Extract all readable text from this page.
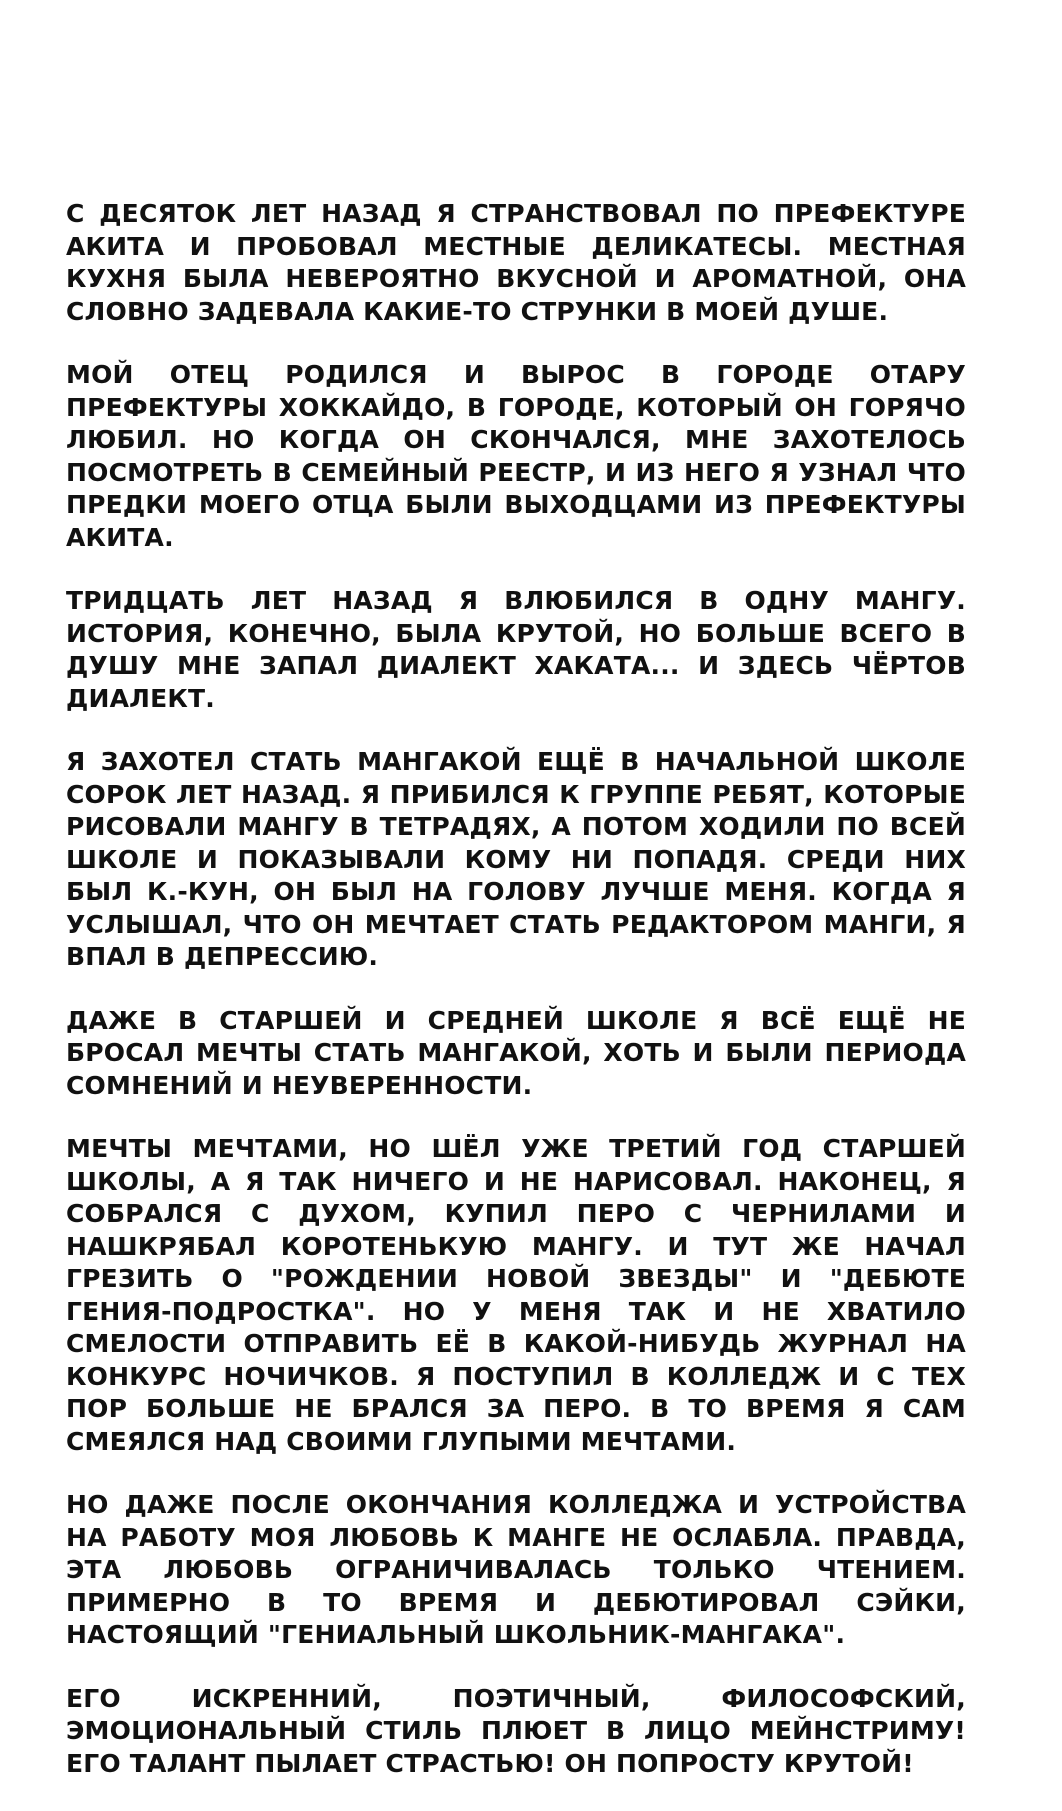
С ДЕСЯТОК ЛЕТ НАЗАД Я СТРАНСТВОВАЛ ПО ПРЕФЕКТУРЕ АКИТА И ПРОБОВАЛ МЕСТНЫЕ ДЕЛИКАТЕСЫ. МЕСТНАЯ КУХНЯ БЫЛА НЕВЕРОЯТНО ВКУСНОЙ И АРОМАТНОЙ, ОНА СЛОВНО ЗАДЕВАЛА КАКИЕ-ТО СТРУНКИ В МОЕЙ ДУШЕ.

МОЙ ОТЕЦ РОДИЛСЯ И ВЫРОС В ГОРОДЕ ОТАРУ ПРЕФЕКТУРЫ ХОККАЙДО, В ГОРОДЕ, КОТОРЫЙ ОН ГОРЯЧО ЛЮБИЛ. НО КОГДА ОН СКОНЧАЛСЯ, МНЕ ЗАХОТЕЛОСЬ ПОСМОТРЕТЬ В СЕМЕЙНЫЙ РЕЕСТР, И ИЗ НЕГО Я УЗНАЛ ЧТО ПРЕДКИ МОЕГО ОТЦА БЫЛИ ВЫХОДЦАМИ ИЗ ПРЕФЕКТУРЫ АКИТА.

ТРИДЦАТЬ ЛЕТ НАЗАД Я ВЛЮБИЛСЯ В ОДНУ МАНГУ. ИСТОРИЯ, КОНЕЧНО, БЫЛА КРУТОЙ, НО БОЛЬШЕ ВСЕГО В ДУШУ МНЕ ЗАПАЛ ДИАЛЕКТ ХАКАТА... И ЗДЕСЬ ЧЁРТОВ ДИАЛЕКТ.

Я ЗАХОТЕЛ СТАТЬ МАНГАКОЙ ЕЩЁ В НАЧАЛЬНОЙ ШКОЛЕ СОРОК ЛЕТ НАЗАД. Я ПРИБИЛСЯ К ГРУППЕ РЕБЯТ, КОТОРЫЕ РИСОВАЛИ МАНГУ В ТЕТРАДЯХ, А ПОТОМ ХОДИЛИ ПО ВСЕЙ ШКОЛЕ И ПОКАЗЫВАЛИ КОМУ НИ ПОПАДЯ. СРЕДИ НИХ БЫЛ К.-КУН, ОН БЫЛ НА ГОЛОВУ ЛУЧШЕ МЕНЯ. КОГДА Я УСЛЫШАЛ, ЧТО ОН МЕЧТАЕТ СТАТЬ РЕДАКТОРОМ МАНГИ, Я ВПАЛ В ДЕПРЕССИЮ.

ДАЖЕ В СТАРШЕЙ И СРЕДНЕЙ ШКОЛЕ Я ВСЁ ЕЩЁ НЕ БРОСАЛ МЕЧТЫ СТАТЬ МАНГАКОЙ, ХОТЬ И БЫЛИ ПЕРИОДА СОМНЕНИЙ И НЕУВЕРЕННОСТИ.

МЕЧТЫ МЕЧТАМИ, НО ШЁЛ УЖЕ ТРЕТИЙ ГОД СТАРШЕЙ ШКОЛЫ, А Я ТАК НИЧЕГО И НЕ НАРИСОВАЛ. НАКОНЕЦ, Я СОБРАЛСЯ С ДУХОМ, КУПИЛ ПЕРО С ЧЕРНИЛАМИ И НАШКРЯБАЛ КОРОТЕНЬКУЮ МАНГУ. И ТУТ ЖЕ НАЧАЛ ГРЕЗИТЬ О "РОЖДЕНИИ НОВОЙ ЗВЕЗДЫ" И "ДЕБЮТЕ ГЕНИЯ-ПОДРОСТКА". НО У МЕНЯ ТАК И НЕ ХВАТИЛО СМЕЛОСТИ ОТПРАВИТЬ ЕЁ В КАКОЙ-НИБУДЬ ЖУРНАЛ НА КОНКУРС НОЧИЧКОВ. Я ПОСТУПИЛ В КОЛЛЕДЖ И С ТЕХ ПОР БОЛЬШЕ НЕ БРАЛСЯ ЗА ПЕРО. В ТО ВРЕМЯ Я САМ СМЕЯЛСЯ НАД СВОИМИ ГЛУПЫМИ МЕЧТАМИ.

НО ДАЖЕ ПОСЛЕ ОКОНЧАНИЯ КОЛЛЕДЖА И УСТРОЙСТВА НА РАБОТУ МОЯ ЛЮБОВЬ К МАНГЕ НЕ ОСЛАБЛА. ПРАВДА, ЭТА ЛЮБОВЬ ОГРАНИЧИВАЛАСЬ ТОЛЬКО ЧТЕНИЕМ. ПРИМЕРНО В ТО ВРЕМЯ И ДЕБЮТИРОВАЛ СЭЙКИ, НАСТОЯЩИЙ "ГЕНИАЛЬНЫЙ ШКОЛЬНИК-МАНГАКА".

ЕГО ИСКРЕННИЙ, ПОЭТИЧНЫЙ, ФИЛОСОФСКИЙ, ЭМОЦИОНАЛЬНЫЙ СТИЛЬ ПЛЮЕТ В ЛИЦО МЕЙНСТРИМУ! ЕГО ТАЛАНТ ПЫЛАЕТ СТРАСТЬЮ! ОН ПОПРОСТУ КРУТОЙ!
